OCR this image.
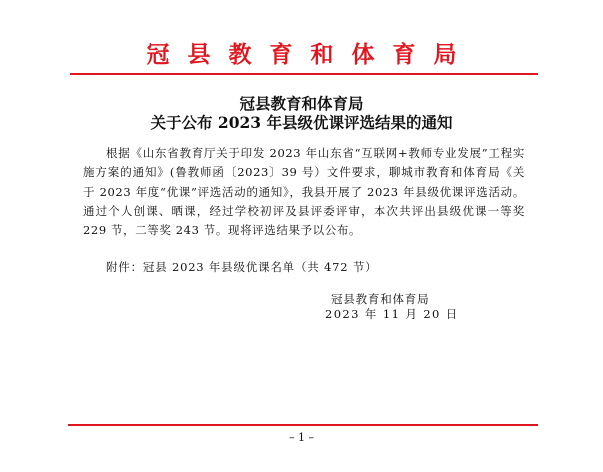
冠县教育和体育局
冠县教育和体育局
关于公布 2023 年县级优课评选结果的通知
根据《山东省教育厅关于印发 2023 年山东省“互联网+教师专业发展”工程实施方案的通知》(鲁教师函〔2023〕39 号）文件要求，聊城市教育和体育局《关于 2023 年度“优课”评选活动的通知》，我县开展了 2023 年县级优课评选活动。通过个人创课、晒课，经过学校初评及县评委评审，本次共评出县级优课一等奖 229 节，二等奖 243 节。现将评选结果予以公布。
附件：冠县 2023 年县级优课名单（共 472 节）
冠县教育和体育局
2023 年 11 月 20 日
– 1 –
